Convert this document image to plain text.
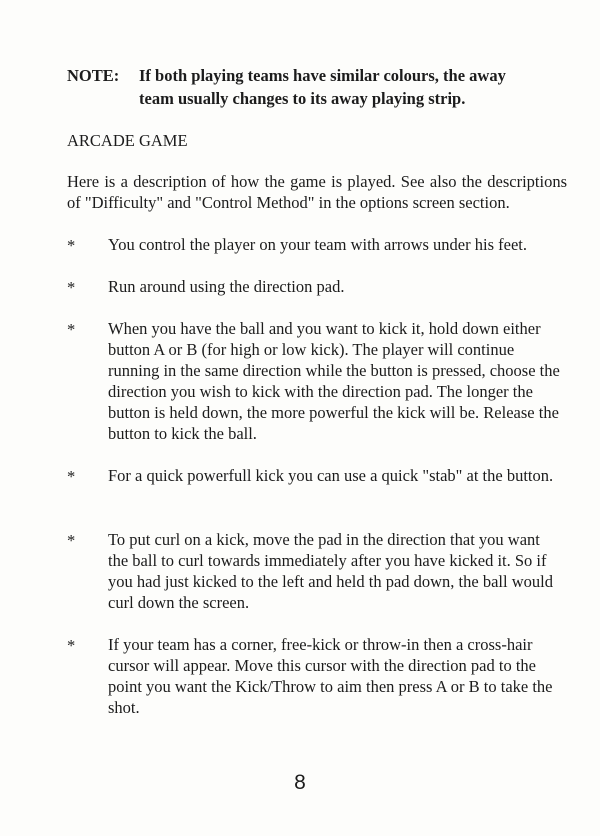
NOTE: If both playing teams have similar colours, the away
team usually changes to its away playing strip.
ARCADE GAME

Here is a description of how the game is played. See also the descriptions of "Difficulty" and "Control Method" in the options screen section.

*	You control the player on your team with arrows under his feet.
*	Run around using the direction pad.
*	When you have the ball and you want to kick it, hold down either button A or B (for high or low kick). The player will continue running in the same direction while the button is pressed, choose the direction you wish to kick with the direction pad. The longer the button is held down, the more powerful the kick will be. Release the button to kick the ball.
*	For a quick powerfull kick you can use a quick "stab" at the button.
*	To put curl on a kick, move the pad in the direction that you want the ball to curl towards immediately after you have kicked it. So if you had just kicked to the left and held th pad down, the ball would curl down the screen.
*	If your team has a corner, free-kick or throw-in then a cross-hair cursor will appear. Move this cursor with the direction pad to the point you want the Kick/Throw to aim then press A or B to take the shot.
8
